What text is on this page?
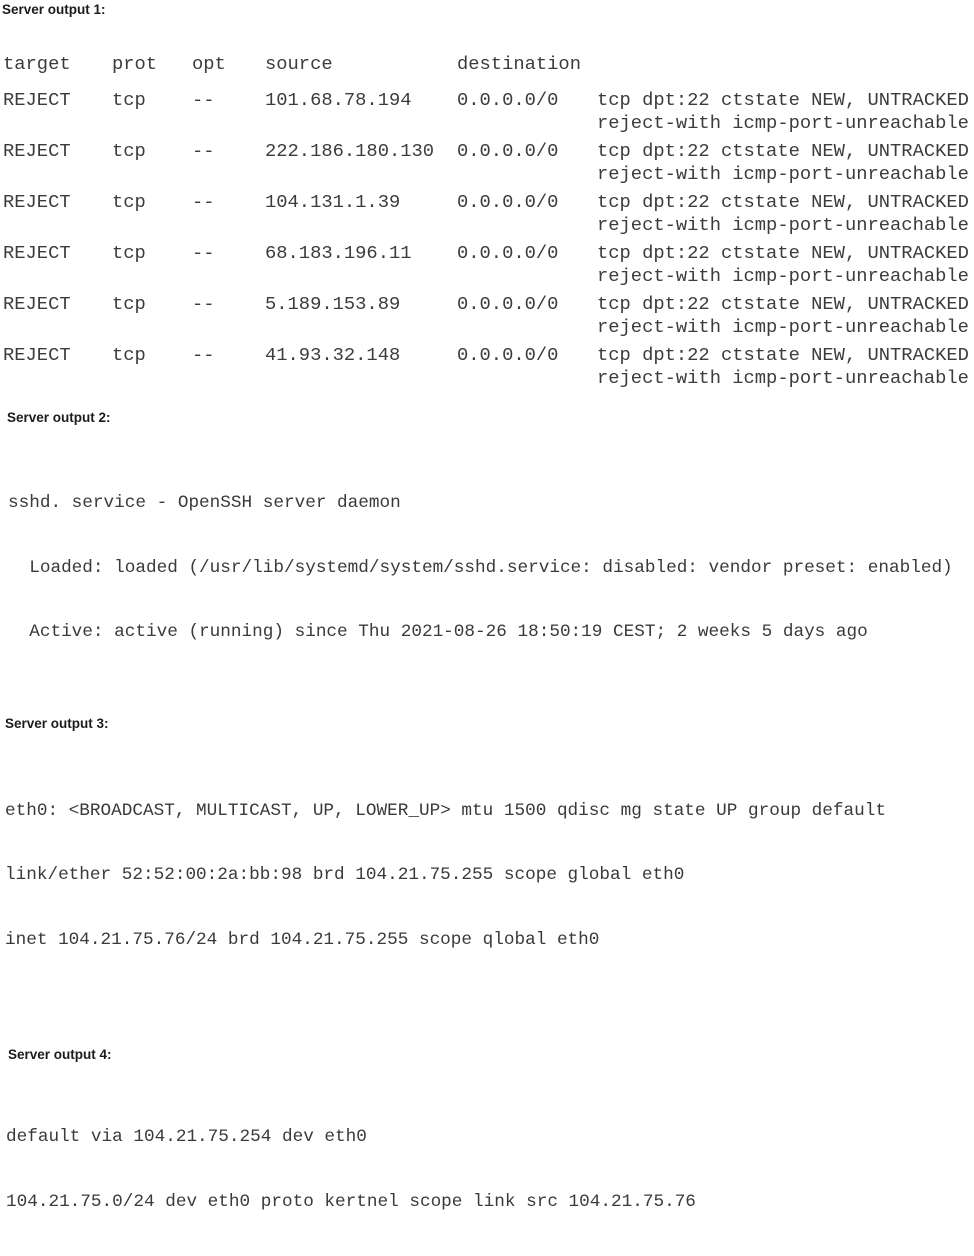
Server output 1:
target prot opt source	destination
REJECT tcp --	101.68.78.194 0.0.0.0/0 tcp dpt:22 ctstate NEW, UNTRACKED
reject-with icmp-port-unreachable
REJECT tcp --	222.186.180.130 0.0.0.0/0 tcp dpt:22 ctstate NEW, UNTRACKED
reject-with icmp-port-unreachable
REJECT tcp --	104.131.1.39	0.0.0.0/0 tcp dpt:22 ctstate NEW, UNTRACKED
reject-with icmp-port-unreachable
REJECT tcp --	68.183.196.11 0.0.0.0/0 tcp dpt:22 ctstate NEW, UNTRACKED
reject-with icmp-port-unreachable
REJECT tcp --	5.189.153.89	0.0.0.0/0 tcp dpt:22 ctstate NEW, UNTRACKED
reject-with icmp-port-unreachable
REJECT tcp --	41.93.32.148	0.0.0.0/0 tcp dpt:22 ctstate NEW, UNTRACKED
reject-with icmp-port-unreachable
Server output 2:

sshd. service - OpenSSH server daemon

Loaded: loaded (/usr/lib/systemd/system/sshd.service: disabled: vendor preset: enabled)

Active: active (running) since Thu 2021-08-26 18:50:19 CEST; 2 weeks 5 days ago

Server output 3:

eth0: <BROADCAST, MULTICAST, UP, LOWER_UP> mtu 1500 qdisc mg state UP group default

link/ether 52:52:00:2a:bb:98 brd 104.21.75.255 scope global eth0

inet 104.21.75.76/24 brd 104.21.75.255 scope qlobal eth0

Server output 4:

default via 104.21.75.254 dev eth0

104.21.75.0/24 dev eth0 proto kertnel scope link src 104.21.75.76
